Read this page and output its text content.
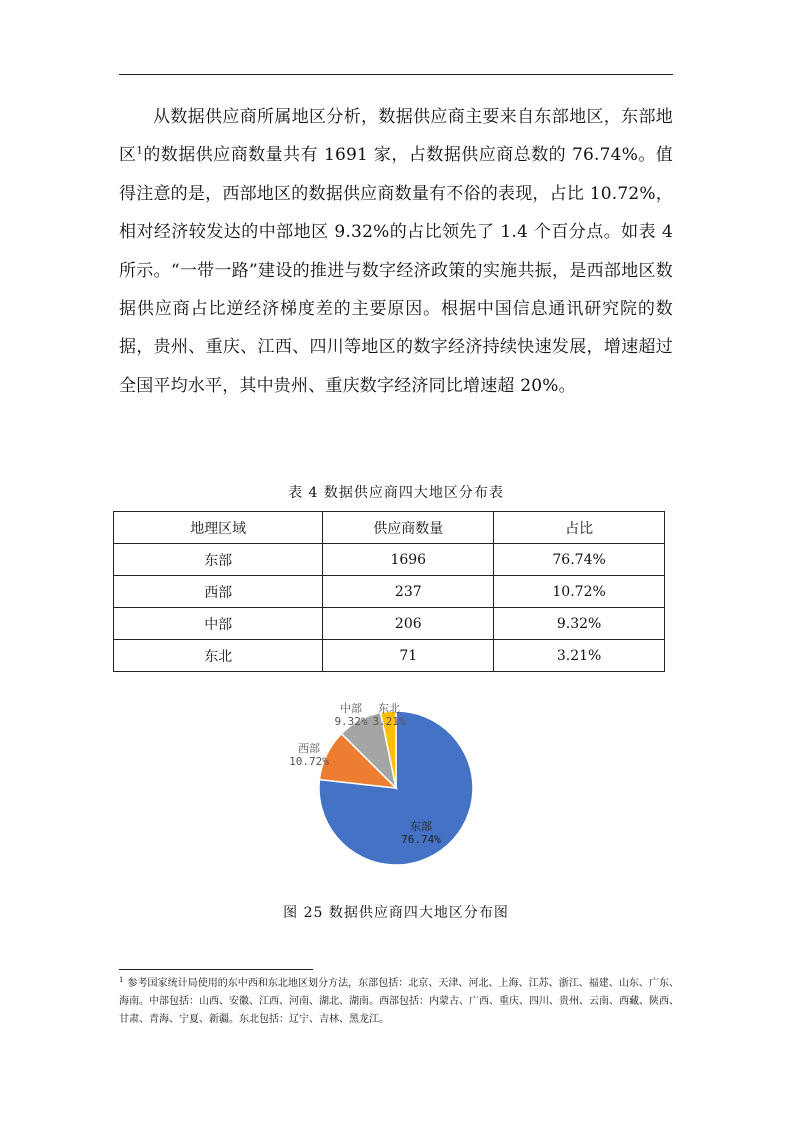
从数据供应商所属地区分析，数据供应商主要来自东部地区，东部地区$^1$的数据供应商数量共有 1691 家，占数据供应商总数的 76.74%。值得注意的是，西部地区的数据供应商数量有不俗的表现，占比 10.72%，相对经济较发达的中部地区 9.32%的占比领先了 1.4 个百分点。如表 4 所示。“一带一路”建设的推进与数字经济政策的实施共振，是西部地区数据供应商占比逆经济梯度差的主要原因。根据中国信息通讯研究院的数据，贵州、重庆、江西、四川等地区的数字经济持续快速发展，增速超过全国平均水平，其中贵州、重庆数字经济同比增速超 20%。

表 4 数据供应商四大地区分布表
地理区域	供应商数量	占比
东部	1696	76.74%
西部	237	10.72%
中部	206	9.32%
东北	71	3.21%
东部
76.74%
西部
10.72%
中部
9.32%
东北
3.21%
图 25 数据供应商四大地区分布图

$^1$ 参考国家统计局使用的东中西和东北地区划分方法，东部包括：北京、天津、河北、上海、江苏、浙江、福建、山东、广东、海南。中部包括：山西、安徽、江西、河南、湖北、湖南。西部包括：内蒙古、广西、重庆、四川、贵州、云南、西藏、陕西、甘肃、青海、宁夏、新疆。东北包括：辽宁、吉林、黑龙江。
